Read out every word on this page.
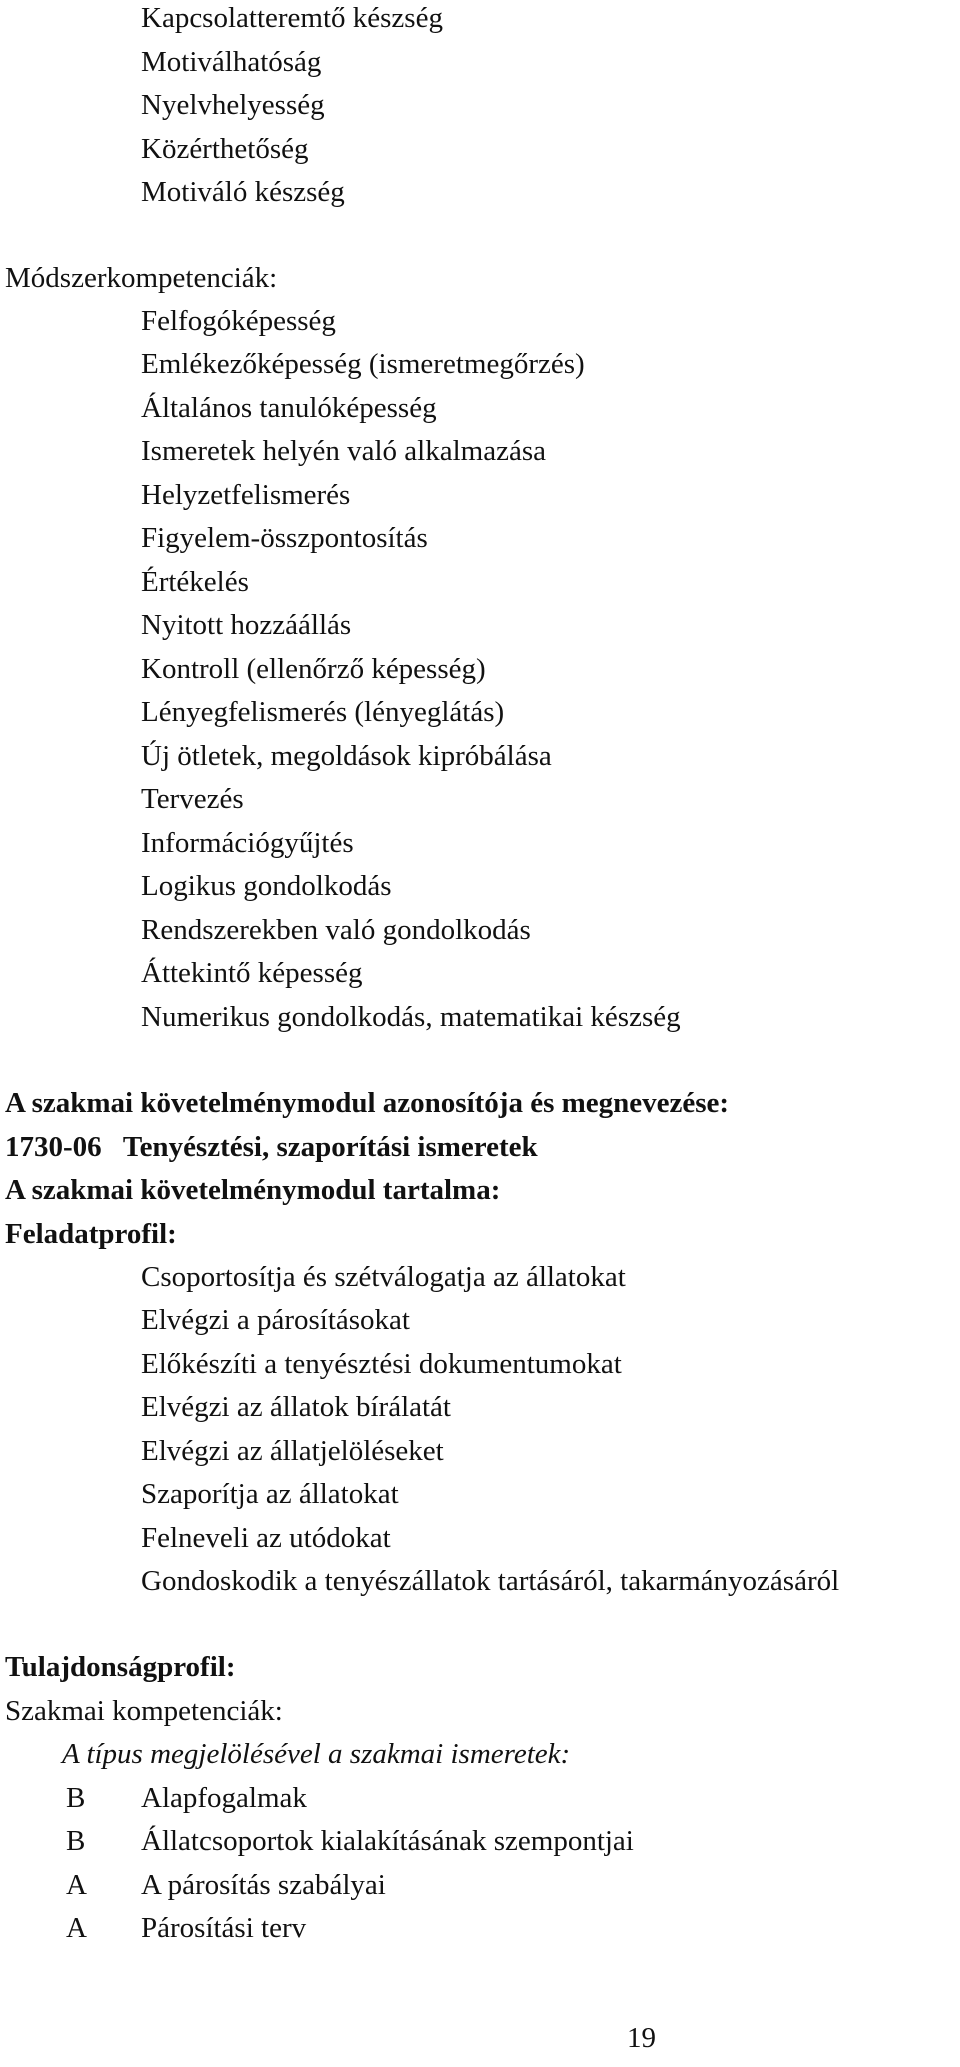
Kapcsolatteremtő készség
Motiválhatóság
Nyelvhelyesség
Közérthetőség
Motiváló készség
Módszerkompetenciák:
Felfogóképesség
Emlékezőképesség (ismeretmegőrzés)
Általános tanulóképesség
Ismeretek helyén való alkalmazása
Helyzetfelismerés
Figyelem-összpontosítás
Értékelés
Nyitott hozzáállás
Kontroll (ellenőrző képesség)
Lényegfelismerés (lényeglátás)
Új ötletek, megoldások kipróbálása
Tervezés
Információgyűjtés
Logikus gondolkodás
Rendszerekben való gondolkodás
Áttekintő képesség
Numerikus gondolkodás, matematikai készség
A szakmai követelménymodul azonosítója és megnevezése:
1730-06   Tenyésztési, szaporítási ismeretek
A szakmai követelménymodul tartalma:
Feladatprofil:
Csoportosítja és szétválogatja az állatokat
Elvégzi a párosításokat
Előkészíti a tenyésztési dokumentumokat
Elvégzi az állatok bírálatát
Elvégzi az állatjelöléseket
Szaporítja az állatokat
Felneveli az utódokat
Gondoskodik a tenyészállatok tartásáról, takarmányozásáról
Tulajdonságprofil:
Szakmai kompetenciák:
A típus megjelölésével a szakmai ismeretek:
B Alapfogalmak
B Állatcsoportok kialakításának szempontjai
A A párosítás szabályai
A Párosítási terv
19
